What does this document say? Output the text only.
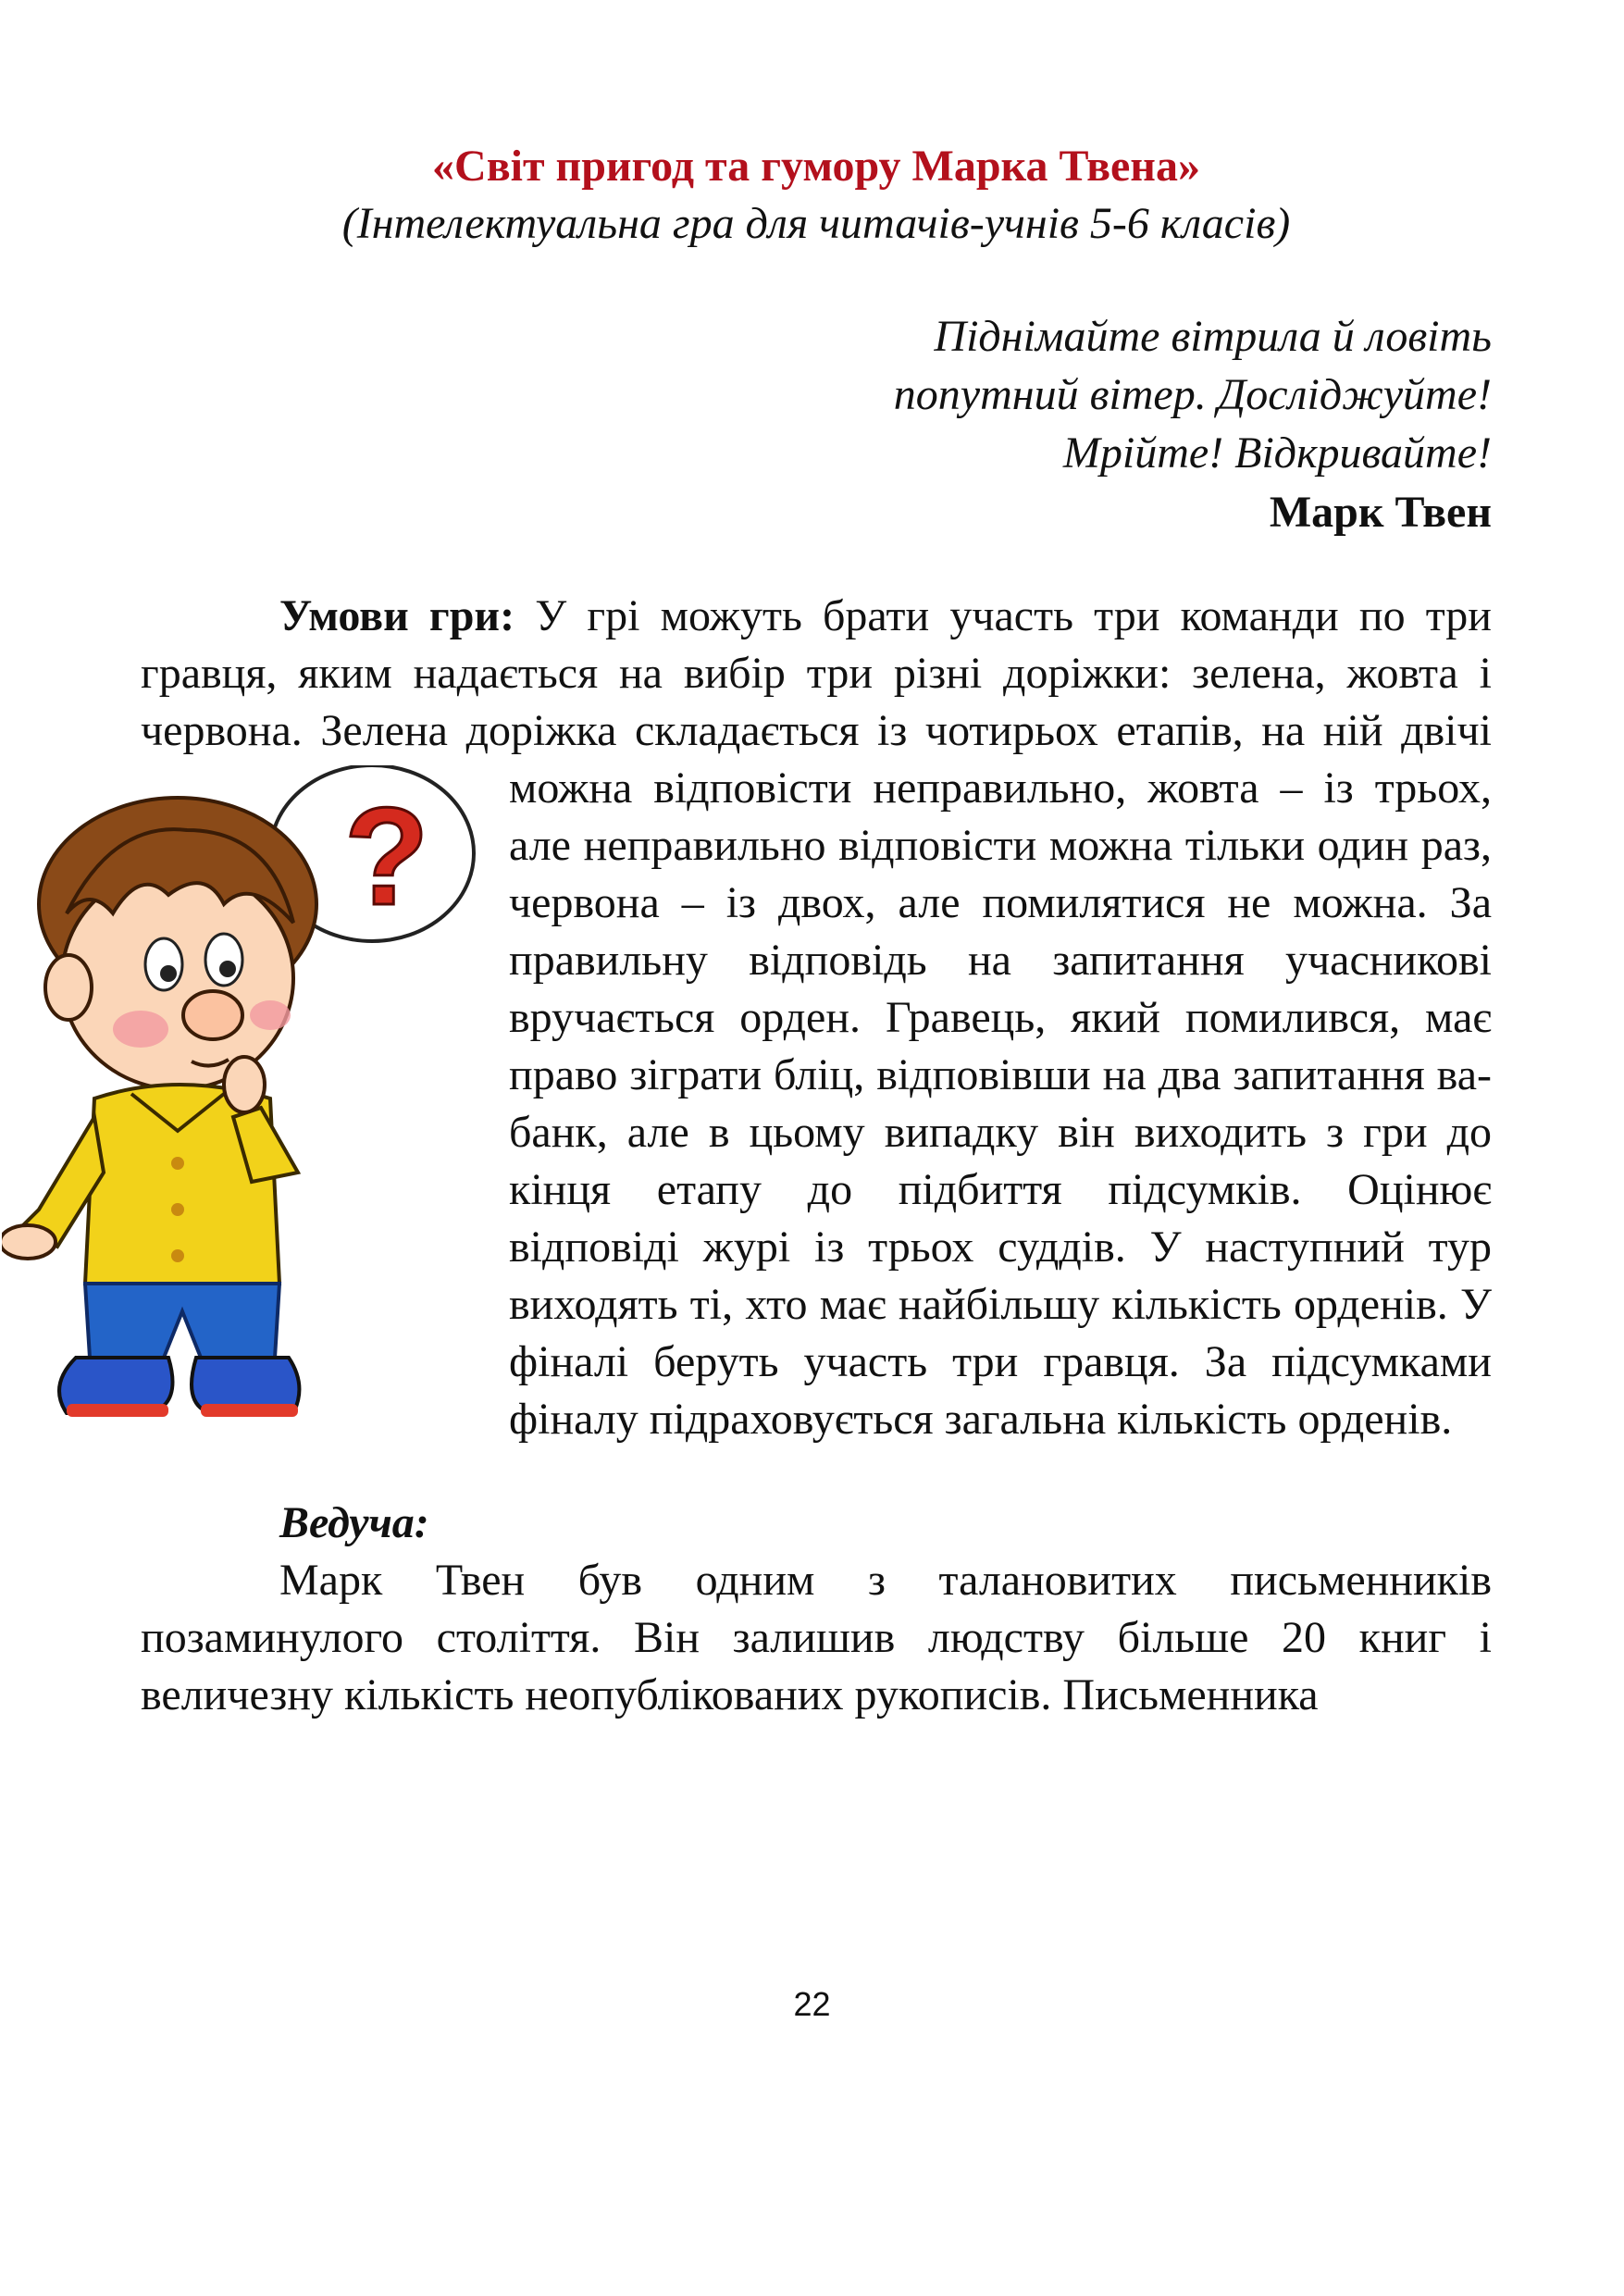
«Світ пригод та гумору Марка Твена»
(Інтелектуальна гра для читачів-учнів 5-6 класів)
Піднімайте вітрила й ловіть
попутний вітер. Досліджуйте!
Мрійте! Відкривайте!
Марк Твен
Умови гри: У грі можуть брати участь три команди по три гравця, яким надається на вибір три різні доріжки: зелена, жовта і червона. Зелена доріжка складається із чотирьох етапів, на ній двічі можна відповісти неправильно, жовта – із
?	трьох, але неправильно відповісти можна тільки один раз, червона – із двох, але помилятися не можна. За правильну відповідь на запитання учасникові вручається орден. Гравець, який помилився, має право зіграти бліц, відповівши на два запитання ва-банк, але в цьому випадку він виходить з гри до кінця етапу до підбиття підсумків. Оцінює відповіді журі із трьох суддів. У наступний тур виходять ті, хто має найбільшу кількість орденів. У фіналі беруть участь три гравця. За підсумками фіналу підраховується загальна кількість орденів.
Ведуча:

Марк Твен був одним з талановитих письменників позаминулого століття. Він залишив людству більше 20 книг і величезну кількість неопублікованих рукописів. Письменника

22
